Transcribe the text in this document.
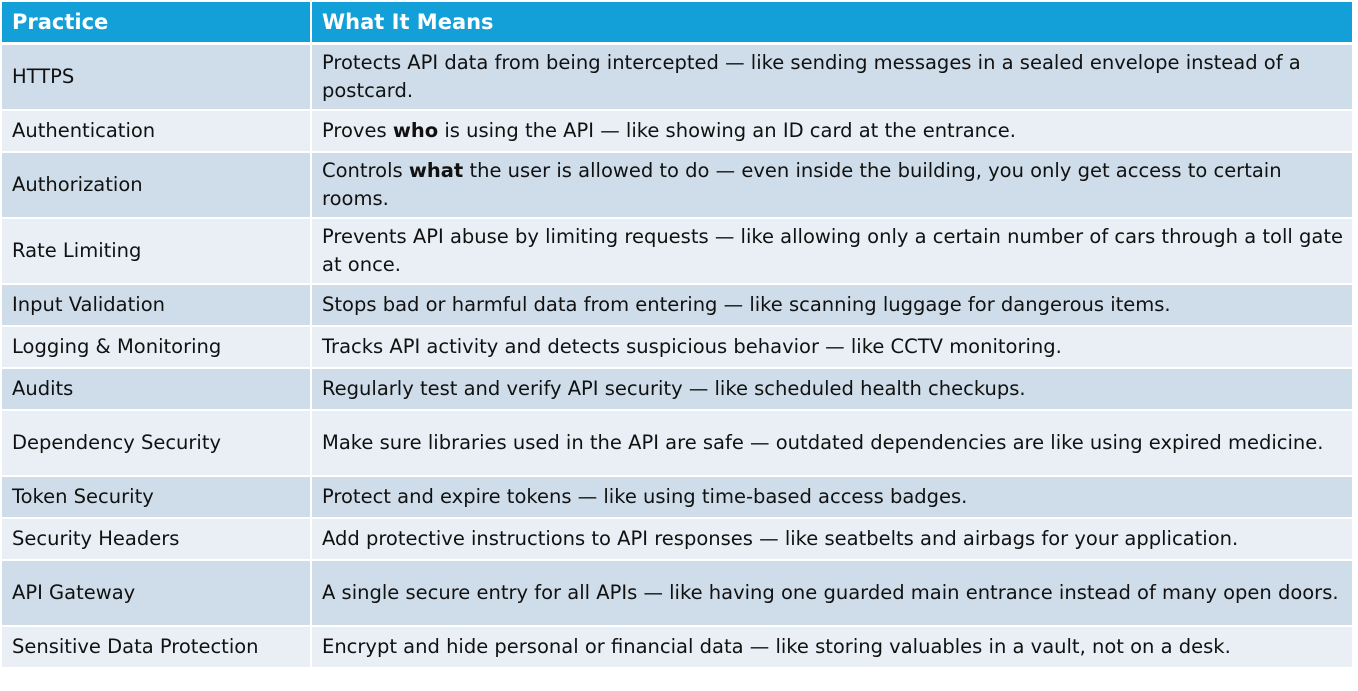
Practice	What It Means
HTTPS	Protects API data from being intercepted — like sending messages in a sealed envelope instead of a postcard.
Authentication	Proves who is using the API — like showing an ID card at the entrance.
Authorization	Controls what the user is allowed to do — even inside the building, you only get access to certain rooms.
Rate Limiting	Prevents API abuse by limiting requests — like allowing only a certain number of cars through a toll gate at once.
Input Validation	Stops bad or harmful data from entering — like scanning luggage for dangerous items.
Logging & Monitoring	Tracks API activity and detects suspicious behavior — like CCTV monitoring.
Audits	Regularly test and verify API security — like scheduled health checkups.
Dependency Security	Make sure libraries used in the API are safe — outdated dependencies are like using expired medicine.
Token Security	Protect and expire tokens — like using time-based access badges.
Security Headers	Add protective instructions to API responses — like seatbelts and airbags for your application.
API Gateway	A single secure entry for all APIs — like having one guarded main entrance instead of many open doors.
Sensitive Data Protection	Encrypt and hide personal or financial data — like storing valuables in a vault, not on a desk.
